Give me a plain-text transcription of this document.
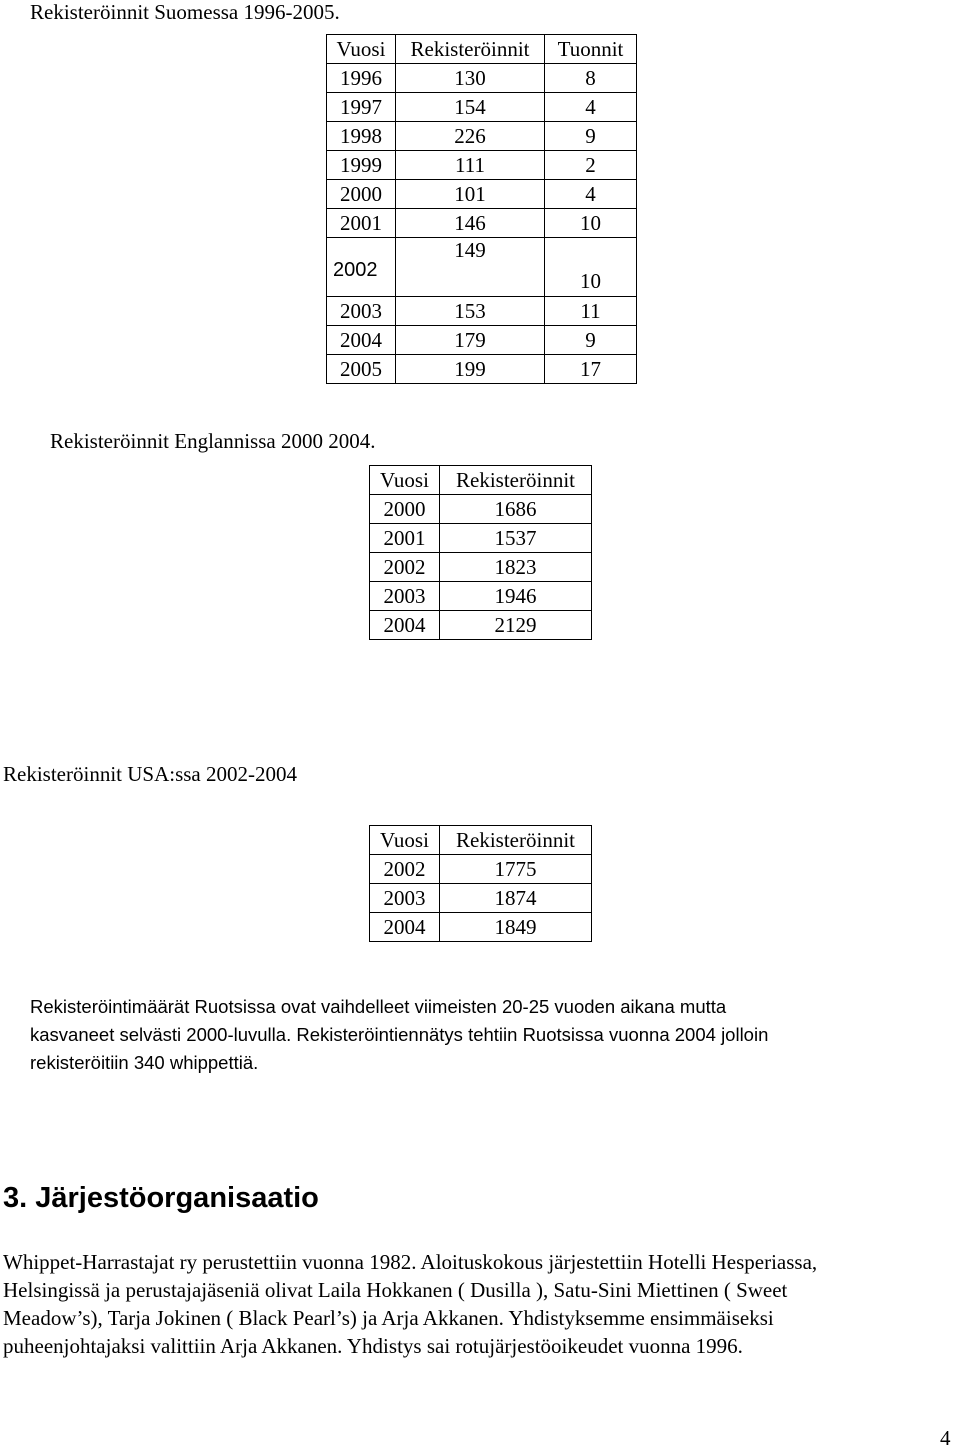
Rekisteröinnit Suomessa 1996-2005.
Vuosi	Rekisteröinnit	Tuonnit
1996	130	8
1997	154	4
1998	226	9
1999	111	2
2000	101	4
2001	146	10
2002	149	10
2003	153	11
2004	179	9
2005	199	17
Rekisteröinnit Englannissa 2000 2004.
Vuosi	Rekisteröinnit
2000	1686
2001	1537
2002	1823
2003	1946
2004	2129
Rekisteröinnit USA:ssa 2002-2004
Vuosi	Rekisteröinnit
2002	1775
2003	1874
2004	1849
Rekisteröintimäärät Ruotsissa ovat vaihdelleet viimeisten 20-25 vuoden aikana mutta
kasvaneet selvästi 2000-luvulla. Rekisteröintiennätys tehtiin Ruotsissa vuonna 2004 jolloin
rekisteröitiin 340 whippettiä.
3. Järjestöorganisaatio
Whippet-Harrastajat ry perustettiin vuonna 1982. Aloituskokous järjestettiin Hotelli Hesperiassa,
Helsingissä ja perustajajäseniä olivat Laila Hokkanen ( Dusilla ), Satu-Sini Miettinen ( Sweet
Meadow’s), Tarja Jokinen ( Black Pearl’s) ja Arja Akkanen. Yhdistyksemme ensimmäiseksi
puheenjohtajaksi valittiin Arja Akkanen. Yhdistys sai rotujärjestöoikeudet vuonna 1996.
4
